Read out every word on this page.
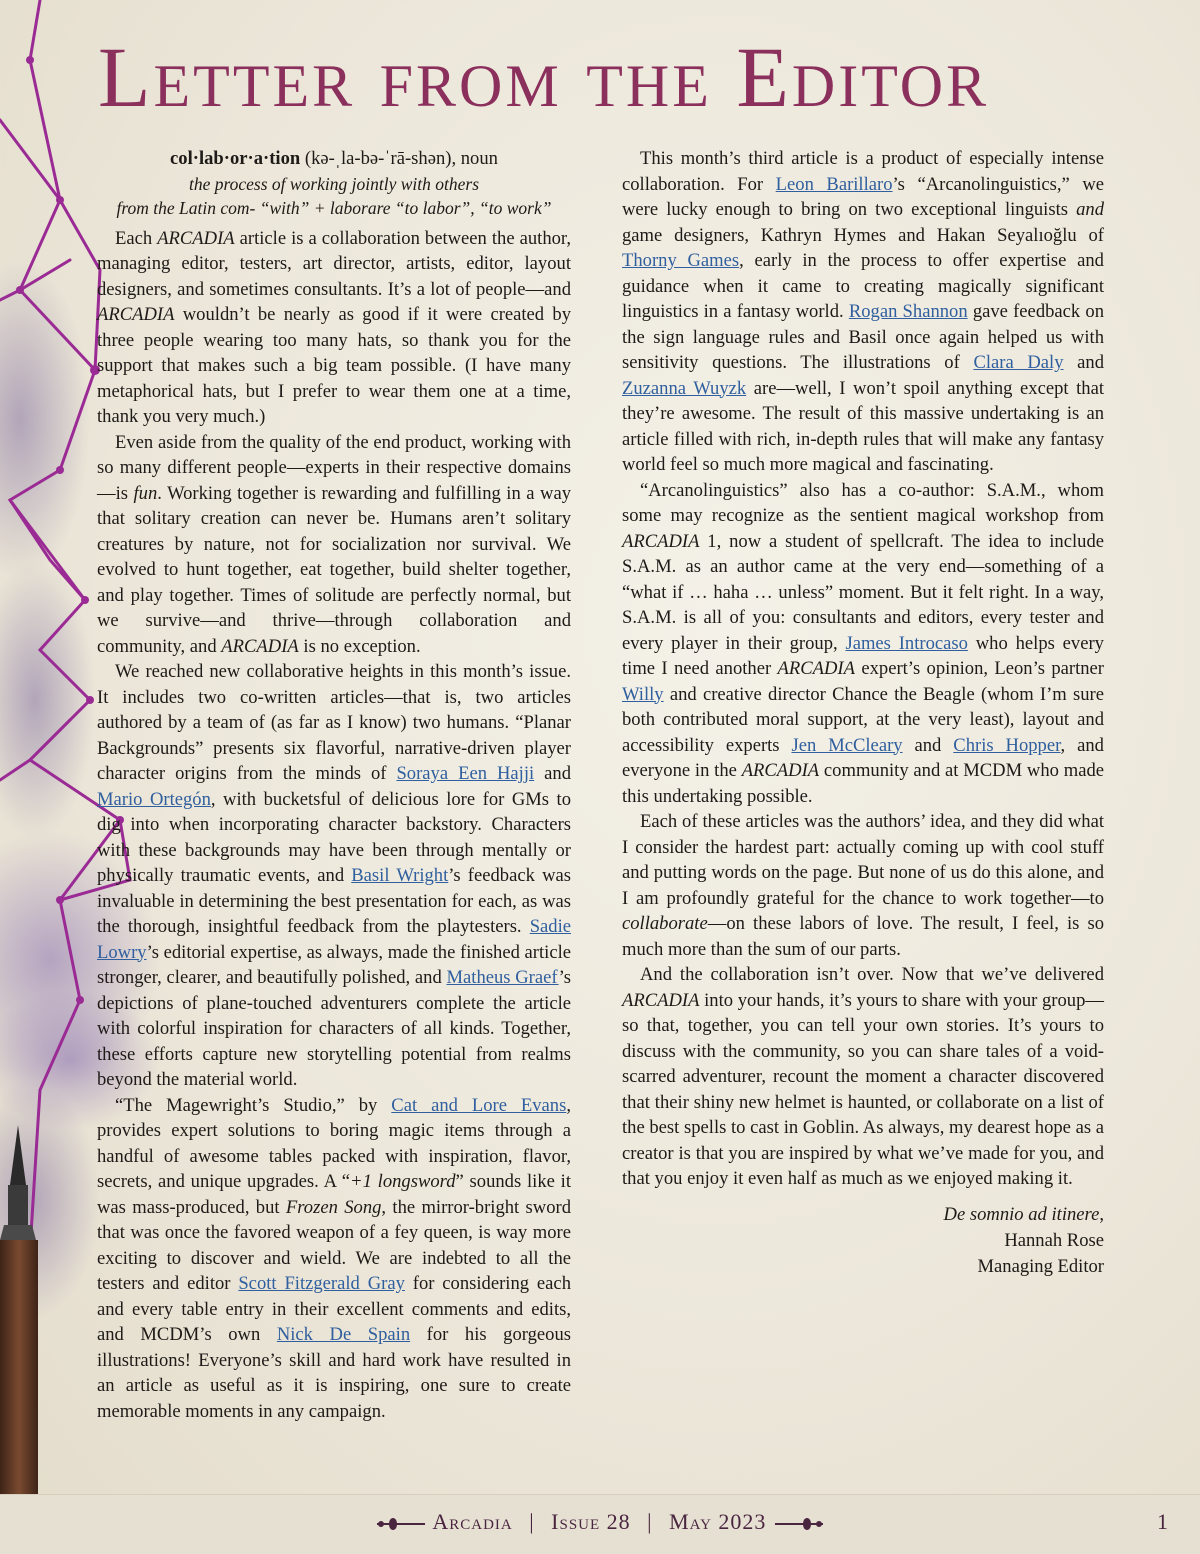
Letter from the Editor
col·lab·or·a·tion (kə-ˌla-bə-ˈrā-shən), noun
the process of working jointly with others
from the Latin com- “with” + laborare “to labor”, “to work”

Each ARCADIA article is a collaboration between the author, managing editor, testers, art director, artists, editor, layout designers, and sometimes consultants. It’s a lot of people—and ARCADIA wouldn’t be nearly as good if it were created by three people wearing too many hats, so thank you for the support that makes such a big team possible. (I have many metaphorical hats, but I prefer to wear them one at a time, thank you very much.)

Even aside from the quality of the end product, working with so many different people—experts in their respective domains—is fun. Working together is rewarding and fulfilling in a way that solitary creation can never be. Humans aren’t solitary creatures by nature, not for socialization nor survival. We evolved to hunt together, eat together, build shelter together, and play together. Times of solitude are perfectly normal, but we survive—and thrive—through collaboration and community, and ARCADIA is no exception.

We reached new collaborative heights in this month’s issue. It includes two co-written articles—that is, two articles authored by a team of (as far as I know) two humans. “Planar Backgrounds” presents six flavorful, narrative-driven player character origins from the minds of Soraya Een Hajji and Mario Ortegón, with bucketsful of delicious lore for GMs to dig into when incorporating character backstory. Characters with these backgrounds may have been through mentally or physically traumatic events, and Basil Wright’s feedback was invaluable in determining the best presentation for each, as was the thorough, insightful feedback from the playtesters. Sadie Lowry’s editorial expertise, as always, made the finished article stronger, clearer, and beautifully polished, and Matheus Graef’s depictions of plane-touched adventurers complete the article with colorful inspiration for characters of all kinds. Together, these efforts capture new storytelling potential from realms beyond the material world.

“The Magewright’s Studio,” by Cat and Lore Evans, provides expert solutions to boring magic items through a handful of awesome tables packed with inspiration, flavor, secrets, and unique upgrades. A “+1 longsword” sounds like it was mass-produced, but Frozen Song, the mirror-bright sword that was once the favored weapon of a fey queen, is way more exciting to discover and wield. We are indebted to all the testers and editor Scott Fitzgerald Gray for considering each and every table entry in their excellent comments and edits, and MCDM’s own Nick De Spain for his gorgeous illustrations! Everyone’s skill and hard work have resulted in an article as useful as it is inspiring, one sure to create memorable moments in any campaign.

This month’s third article is a product of especially intense collaboration. For Leon Barillaro’s “Arcanolinguistics,” we were lucky enough to bring on two exceptional linguists and game designers, Kathryn Hymes and Hakan Seyalıoğlu of Thorny Games, early in the process to offer expertise and guidance when it came to creating magically significant linguistics in a fantasy world. Rogan Shannon gave feedback on the sign language rules and Basil once again helped us with sensitivity questions. The illustrations of Clara Daly and Zuzanna Wuyzk are—well, I won’t spoil anything except that they’re awesome. The result of this massive undertaking is an article filled with rich, in-depth rules that will make any fantasy world feel so much more magical and fascinating.

“Arcanolinguistics” also has a co-author: S.A.M., whom some may recognize as the sentient magical workshop from ARCADIA 1, now a student of spellcraft. The idea to include S.A.M. as an author came at the very end—something of a “what if … haha … unless” moment. But it felt right. In a way, S.A.M. is all of you: consultants and editors, every tester and every player in their group, James Introcaso who helps every time I need another ARCADIA expert’s opinion, Leon’s partner Willy and creative director Chance the Beagle (whom I’m sure both contributed moral support, at the very least), layout and accessibility experts Jen McCleary and Chris Hopper, and everyone in the ARCADIA community and at MCDM who made this undertaking possible.

Each of these articles was the authors’ idea, and they did what I consider the hardest part: actually coming up with cool stuff and putting words on the page. But none of us do this alone, and I am profoundly grateful for the chance to work together—to collaborate—on these labors of love. The result, I feel, is so much more than the sum of our parts.

And the collaboration isn’t over. Now that we’ve delivered ARCADIA into your hands, it’s yours to share with your group—so that, together, you can tell your own stories. It’s yours to discuss with the community, so you can share tales of a void-scarred adventurer, recount the moment a character discovered that their shiny new helmet is haunted, or collaborate on a list of the best spells to cast in Goblin. As always, my dearest hope as a creator is that you are inspired by what we’ve made for you, and that you enjoy it even half as much as we enjoyed making it.

De somnio ad itinere,
Hannah Rose
Managing Editor
Arcadia | Issue 28 | May 2023	1
